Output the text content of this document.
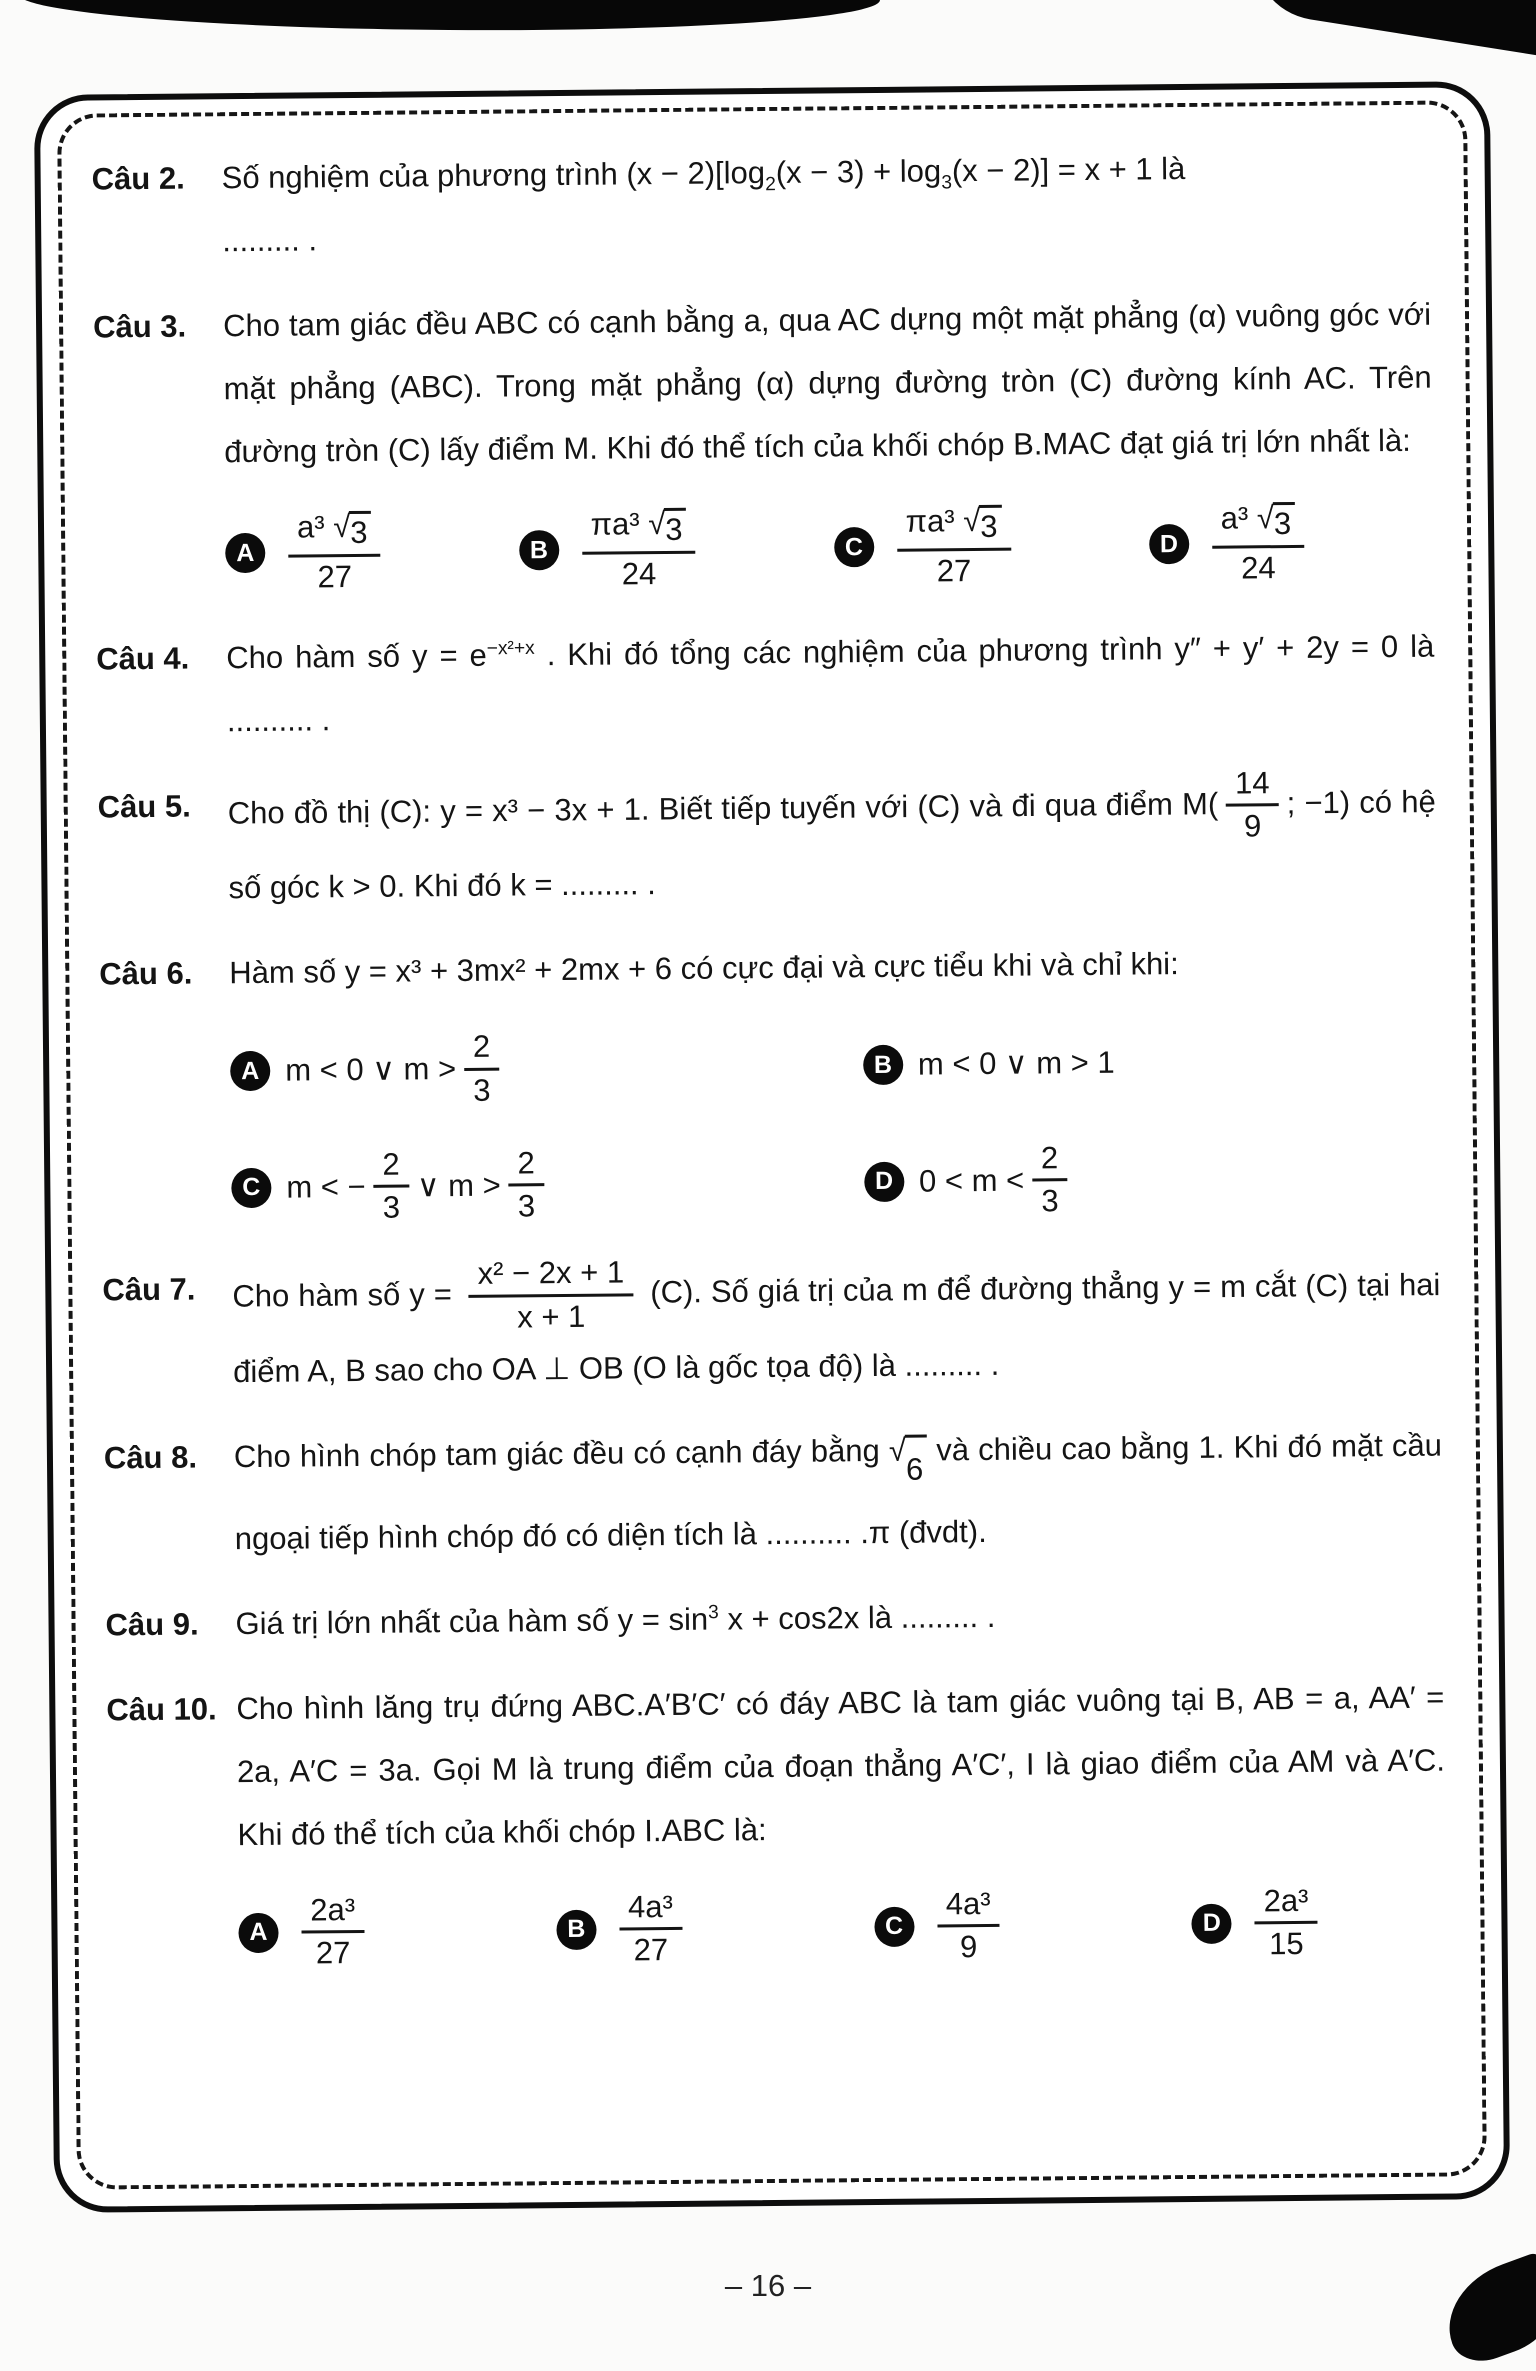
Câu 2.	Số nghiệm của phương trình $(x - 2)[\log_2(x - 3) + \log_3(x - 2)] = x + 1$ là
......... .
Câu 3.	Cho tam giác đều ABC có cạnh bằng a, qua AC dựng một mặt phẳng (α) vuông góc với mặt phẳng (ABC). Trong mặt phẳng (α) dựng đường tròn (C) đường kính AC. Trên đường tròn (C) lấy điểm M. Khi đó thể tích của khối chóp B.MAC đạt giá trị lớn nhất là:
A	$\frac{\text{a³ √ 3}}{27}$	B	$\frac{\text{πa³ √ 3}}{24}$	C	$\frac{\text{πa³ √ 3}}{27}$	D	$\frac{\text{a³ √ 3}}{24}$
Câu 4.	Cho hàm số $y = e^{-x^2+x}$ . Khi đó tổng các nghiệm của phương trình y″ + y′ + 2y = 0 là .......... .
Câu 5.	Cho đồ thị (C): y = x³ − 3x + 1. Biết tiếp tuyến với (C) và đi qua điểm $M( \frac{14}{9}$ ; −1) có hệ số góc k > 0. Khi đó k = ......... .
Câu 6.	Hàm số y = x³ + 3mx² + 2mx + 6 có cực đại và cực tiểu khi và chỉ khi:
A m < 0 ∨ $m > \frac{2}{3}$	B m < 0 ∨ m > 1
C m < − $\frac{2}{3}$ ∨ $m > \frac{2}{3}$	D $0 < m < \frac{2}{3}$
Câu 7.	Cho hàm số $y = \frac{\text{x² − 2x + 1}}{x + 1} (C)$. Số giá trị của m để đường thẳng y = m cắt (C) tại hai điểm A, B sao cho OA ⊥ OB (O là gốc tọa độ) là ......... .
Câu 8.	Cho hình chóp tam giác đều có cạnh đáy bằng √
6
và chiều cao bằng 1. Khi đó mặt cầu ngoại tiếp hình chóp đó có diện tích là .......... .π (đvdt).
Câu 9.	Giá trị lớn nhất của hàm số $y = \sin^3 x + \cos 2x$ là ......... .
Câu 10. Cho hình lăng trụ đứng ABC.A′B′C′ có đáy ABC là tam giác vuông tại B, AB = a, AA′ = 2a, A′C = 3a. Gọi M là trung điểm của đoạn thẳng A′C′, I là giao điểm của AM và A′C. Khi đó thể tích của khối chóp I.ABC là:
A	$\frac{\text{2a³}}{27}$	B	$\frac{\text{4a³}}{27}$	C	$\frac{\text{4a³}}{9}$	D	$\frac{\text{2a³}}{15}$
– 16 –
